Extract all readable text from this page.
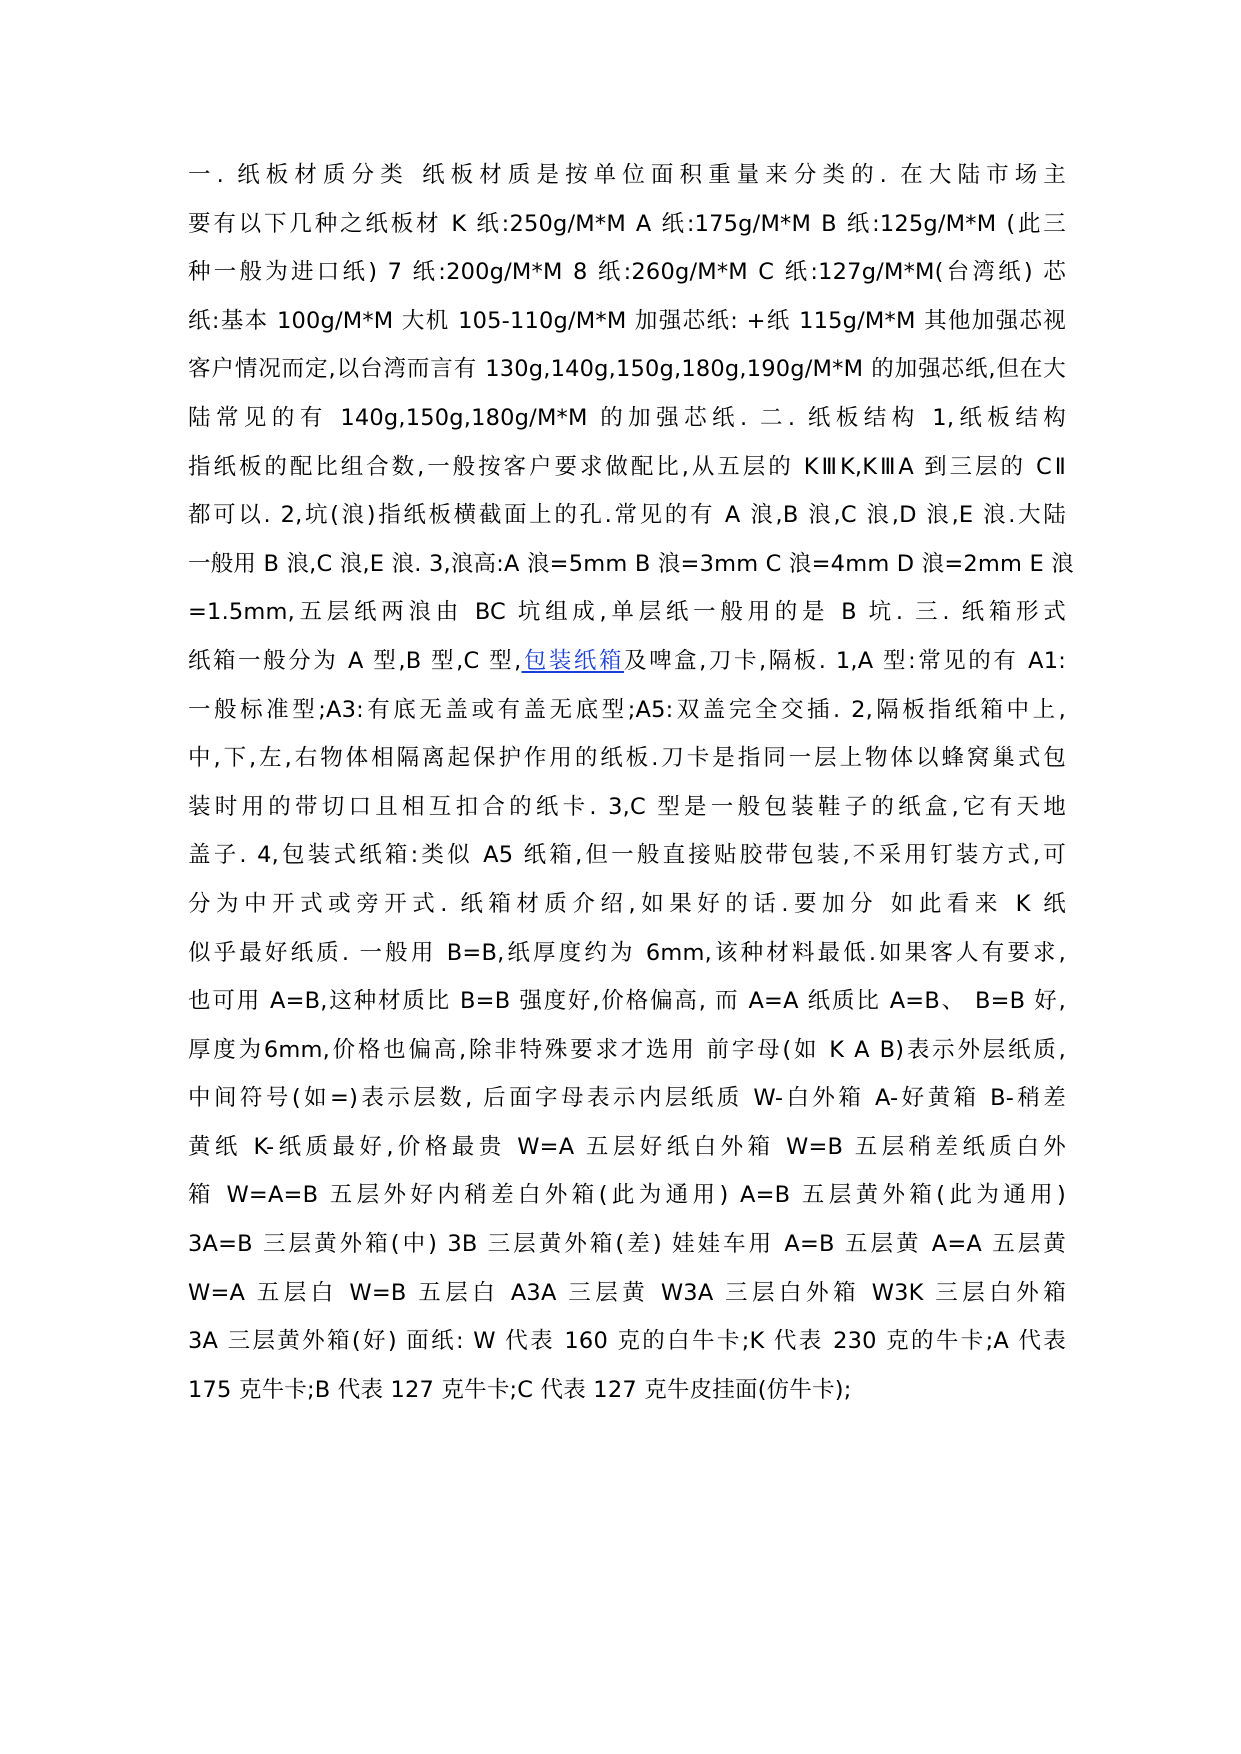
一. 纸板材质分类 纸板材质是按单位面积重量来分类的. 在大陆市场主
要有以下几种之纸板材 K 纸:250g/M*M A 纸:175g/M*M B 纸:125g/M*M (此三
种一般为进口纸) 7 纸:200g/M*M 8 纸:260g/M*M C 纸:127g/M*M(台湾纸) 芯
纸:基本 100g/M*M 大机 105-110g/M*M 加强芯纸: +纸 115g/M*M 其他加强芯视
客户情况而定,以台湾而言有 130g,140g,150g,180g,190g/M*M 的加强芯纸,但在大
陆常见的有 140g,150g,180g/M*M 的加强芯纸. 二. 纸板结构 1,纸板结构
指纸板的配比组合数,一般按客户要求做配比,从五层的 KⅢK,KⅢA 到三层的 CⅡ
都可以. 2,坑(浪)指纸板横截面上的孔.常见的有 A 浪,B 浪,C 浪,D 浪,E 浪.大陆
一般用 B 浪,C 浪,E 浪. 3,浪高:A 浪=5mm B 浪=3mm C 浪=4mm D 浪=2mm E 浪
=1.5mm,五层纸两浪由 BC 坑组成,单层纸一般用的是 B 坑. 三. 纸箱形式
纸箱一般分为 A 型,B 型,C 型,包装纸箱及啤盒,刀卡,隔板. 1,A 型:常见的有 A1:
一般标准型;A3:有底无盖或有盖无底型;A5:双盖完全交插. 2,隔板指纸箱中上,
中,下,左,右物体相隔离起保护作用的纸板.刀卡是指同一层上物体以蜂窝巢式包
装时用的带切口且相互扣合的纸卡. 3,C 型是一般包装鞋子的纸盒,它有天地
盖子. 4,包装式纸箱:类似 A5 纸箱,但一般直接贴胶带包装,不采用钉装方式,可
分为中开式或旁开式. 纸箱材质介绍,如果好的话.要加分 如此看来 K 纸
似乎最好纸质. 一般用 B=B,纸厚度约为 6mm,该种材料最低.如果客人有要求,
也可用 A=B,这种材质比 B=B 强度好,价格偏高, 而 A=A 纸质比 A=B、 B=B 好,
厚度为6mm,价格也偏高,除非特殊要求才选用 前字母(如 K A B)表示外层纸质,
中间符号(如=)表示层数, 后面字母表示内层纸质 W-白外箱 A-好黄箱 B-稍差
黄纸 K-纸质最好,价格最贵 W=A 五层好纸白外箱 W=B 五层稍差纸质白外
箱 W=A=B 五层外好内稍差白外箱(此为通用) A=B 五层黄外箱(此为通用)
3A=B 三层黄外箱(中) 3B 三层黄外箱(差) 娃娃车用 A=B 五层黄 A=A 五层黄
W=A 五层白 W=B 五层白 A3A 三层黄 W3A 三层白外箱 W3K 三层白外箱
3A 三层黄外箱(好) 面纸: W 代表 160 克的白牛卡;K 代表 230 克的牛卡;A 代表
175 克牛卡;B 代表 127 克牛卡;C 代表 127 克牛皮挂面(仿牛卡);
